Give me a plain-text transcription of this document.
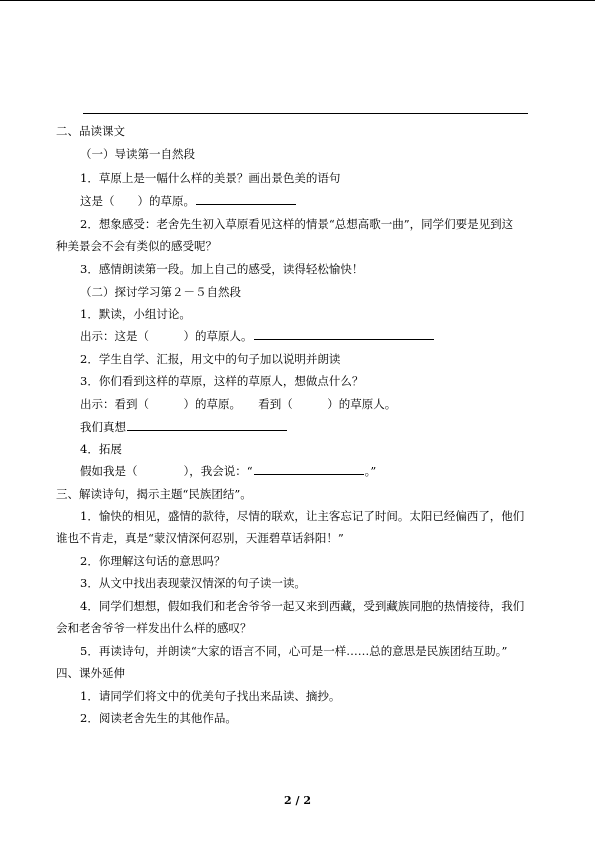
二、品读课文
（一）导读第一自然段
1．草原上是一幅什么样的美景？画出景色美的语句
这是（　　）的草原。
2．想象感受：老舍先生初入草原看见这样的情景“总想高歌一曲”，同学们要是见到这
种美景会不会有类似的感受呢？
3．感情朗读第一段。加上自己的感受，读得轻松愉快！
（二）探讨学习第２－５自然段
1．默读，小组讨论。
出示：这是（　　　）的草原人。
2．学生自学、汇报，用文中的句子加以说明并朗读
3．你们看到这样的草原，这样的草原人，想做点什么？
出示：看到（　　　）的草原。　　看到（　　　）的草原人。
我们真想
4．拓展
假如我是（　　　　），我会说：“	。”
三、解读诗句，揭示主题“民族团结”。
1．愉快的相见，盛情的款待，尽情的联欢，让主客忘记了时间。太阳已经偏西了，他们
谁也不肯走，真是“蒙汉情深何忍别，天涯碧草话斜阳！”
2．你理解这句话的意思吗？
3．从文中找出表现蒙汉情深的句子读一读。
4．同学们想想，假如我们和老舍爷爷一起又来到西藏，受到藏族同胞的热情接待，我们
会和老舍爷爷一样发出什么样的感叹？
5．再读诗句，并朗读“大家的语言不同，心可是一样……总的意思是民族团结互助。”
四、课外延伸
1．请同学们将文中的优美句子找出来品读、摘抄。
2．阅读老舍先生的其他作品。
2 / 2
